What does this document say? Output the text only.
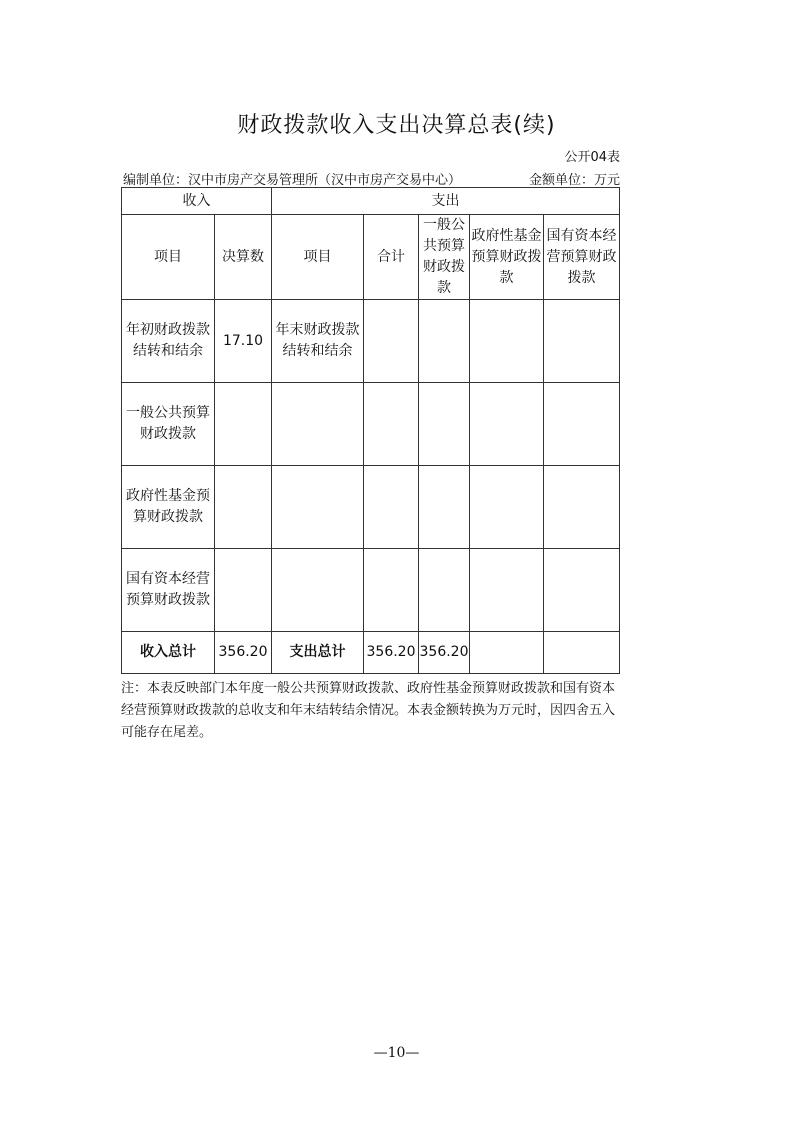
财政拨款收入支出决算总表(续)
公开04表
编制单位：汉中市房产交易管理所（汉中市房产交易中心）	金额单位：万元
收入		支出				
项目	决算数	项目	合计	一般公共预算财政拨款	政府性基金预算财政拨款	国有资本经营预算财政拨款
年初财政拨款结转和结余	17.10	年末财政拨款结转和结余				
一般公共预算财政拨款						
政府性基金预算财政拨款						
国有资本经营预算财政拨款						
收入总计	356.20	支出总计	356.20	356.20		
注：本表反映部门本年度一般公共预算财政拨款、政府性基金预算财政拨款和国有资本经营预算财政拨款的总收支和年末结转结余情况。本表金额转换为万元时，因四舍五入可能存在尾差。
—10—
